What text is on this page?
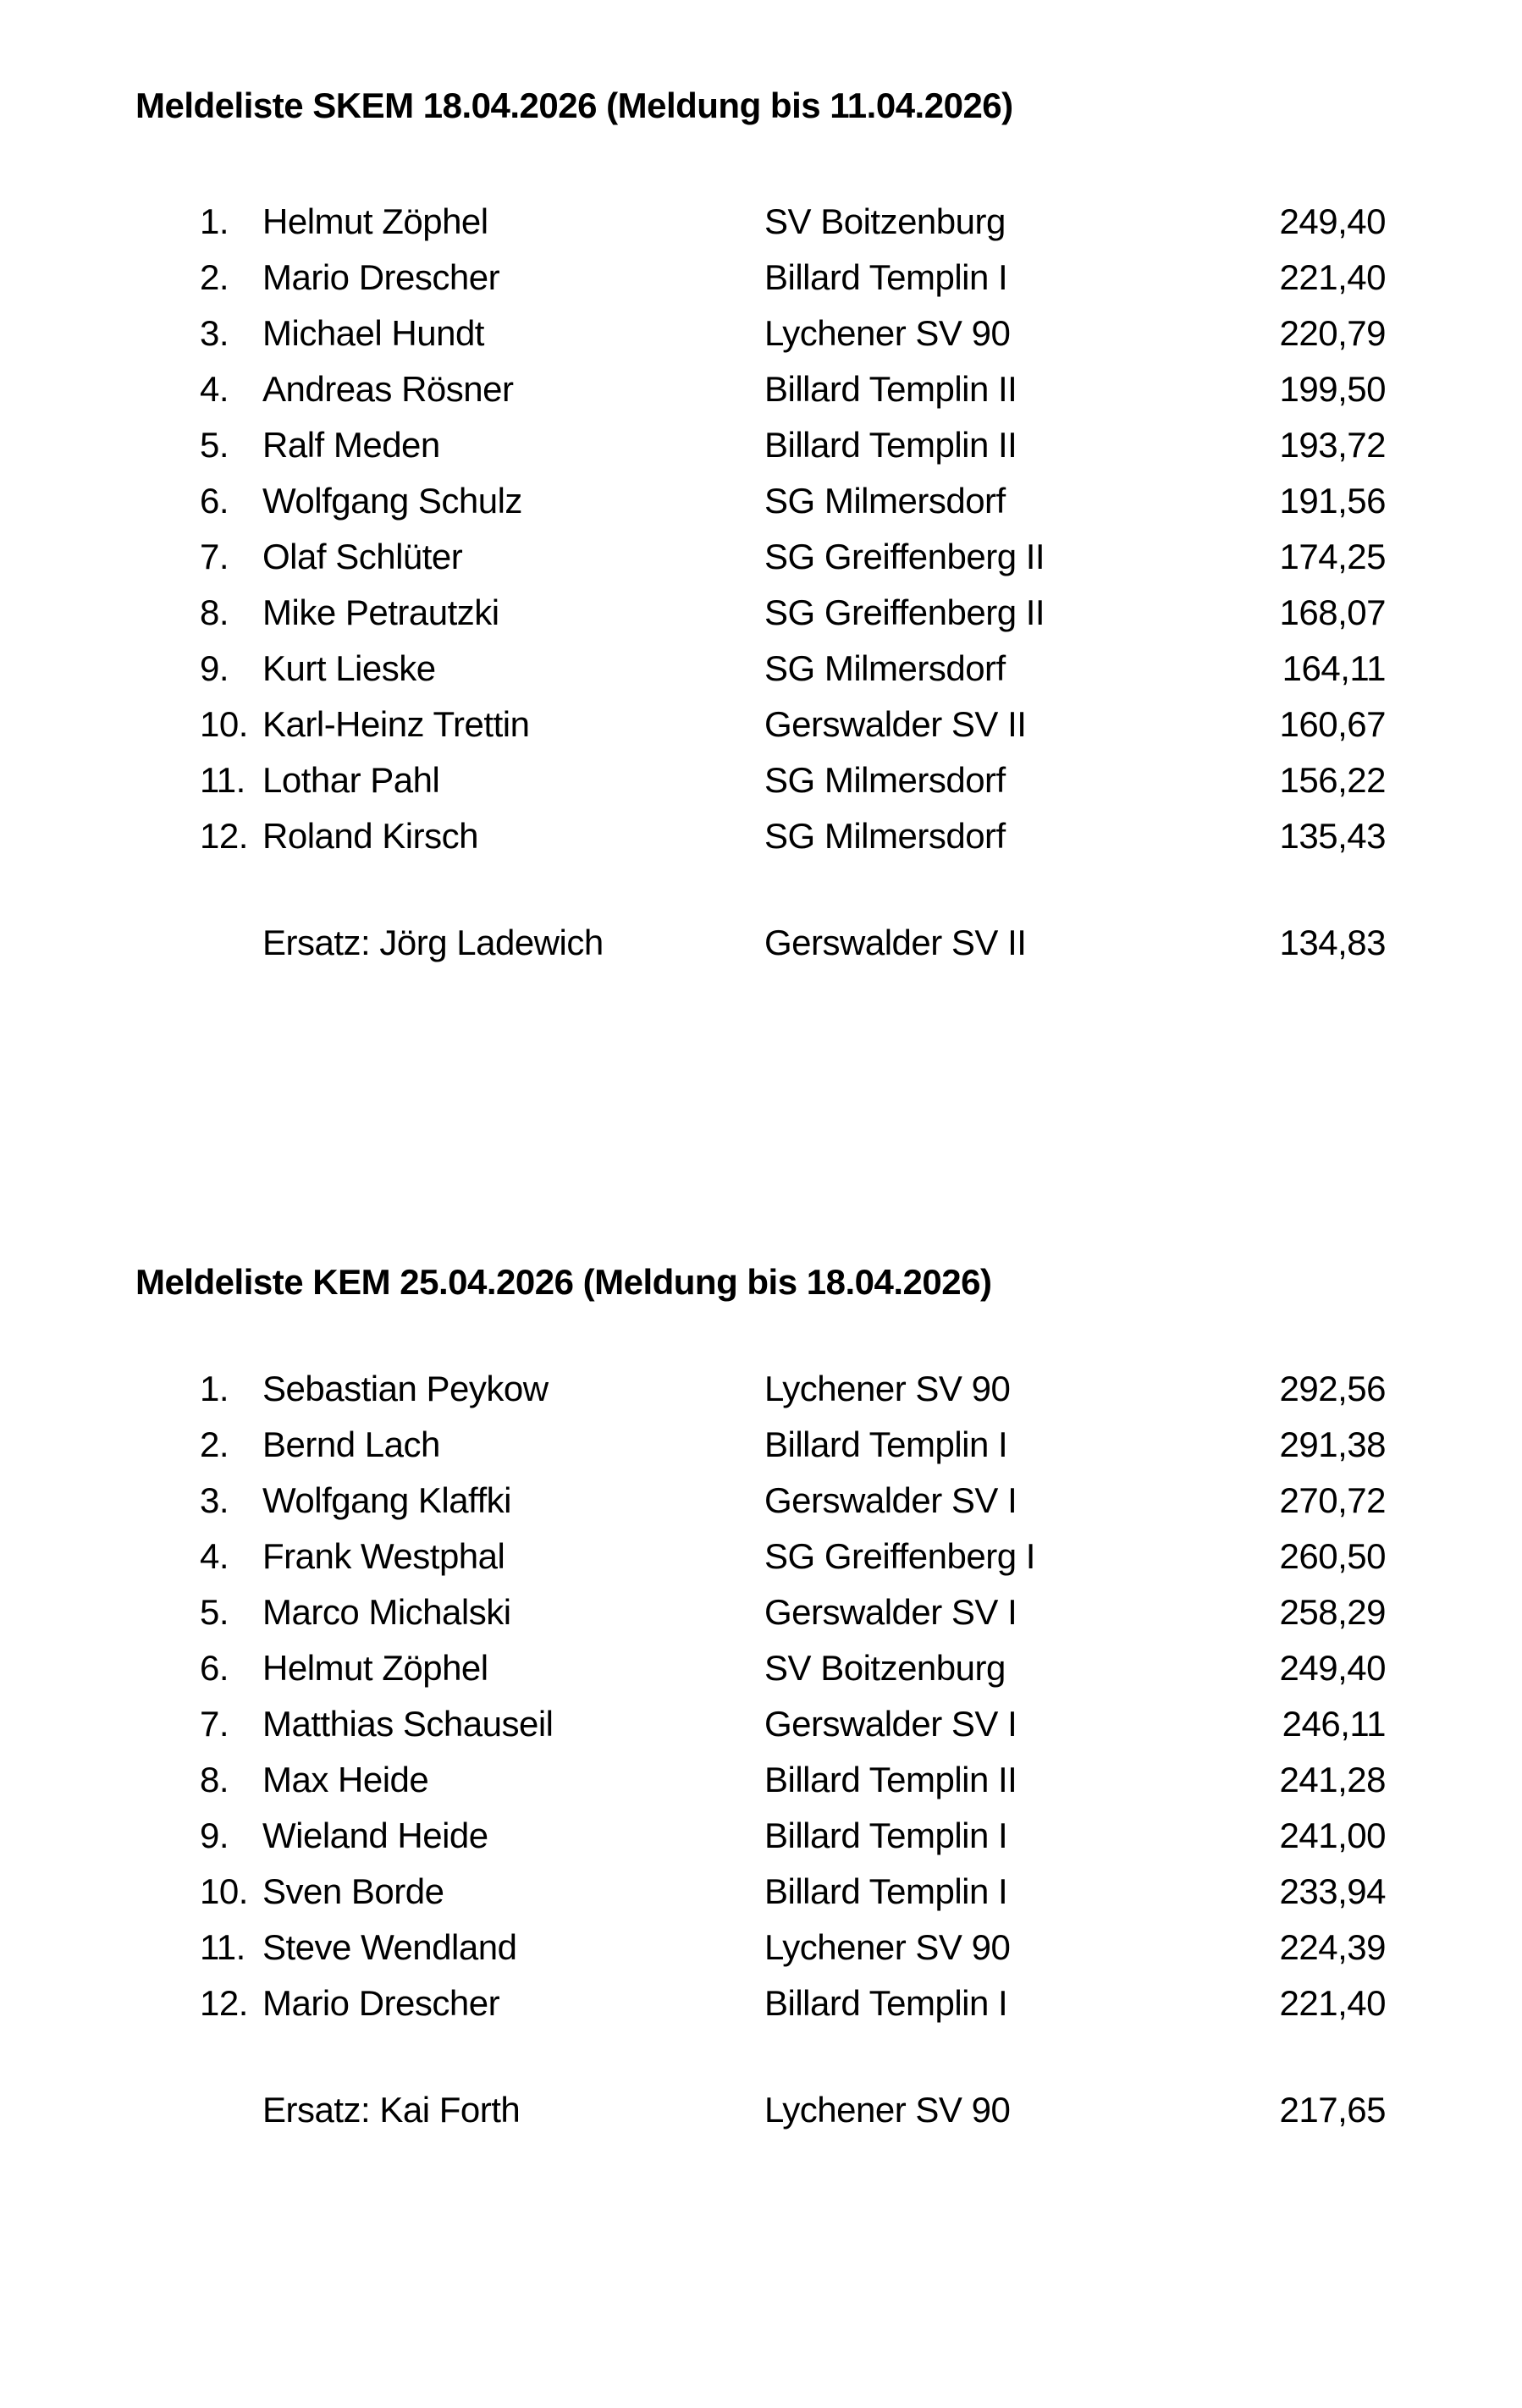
Meldeliste SKEM 18.04.2026 (Meldung bis 11.04.2026)
1. Helmut Zöphel	SV Boitzenburg	249,40
2. Mario Drescher	Billard Templin I	221,40
3. Michael Hundt	Lychener SV 90	220,79
4. Andreas Rösner	Billard Templin II	199,50
5. Ralf Meden	Billard Templin II	193,72
6. Wolfgang Schulz	SG Milmersdorf	191,56
7. Olaf Schlüter	SG Greiffenberg II	174,25
8. Mike Petrautzki	SG Greiffenberg II	168,07
9. Kurt Lieske	SG Milmersdorf	164,11
10. Karl-Heinz Trettin	Gerswalder SV II	160,67
11. Lothar Pahl	SG Milmersdorf	156,22
12. Roland Kirsch	SG Milmersdorf	135,43
Ersatz: Jörg Ladewich	Gerswalder SV II	134,83
Meldeliste KEM 25.04.2026 (Meldung bis 18.04.2026)
1. Sebastian Peykow	Lychener SV 90	292,56
2. Bernd Lach	Billard Templin I	291,38
3. Wolfgang Klaffki	Gerswalder SV I	270,72
4. Frank Westphal	SG Greiffenberg I	260,50
5. Marco Michalski	Gerswalder SV I	258,29
6. Helmut Zöphel	SV Boitzenburg	249,40
7. Matthias Schauseil	Gerswalder SV I	246,11
8. Max Heide	Billard Templin II	241,28
9. Wieland Heide	Billard Templin I	241,00
10. Sven Borde	Billard Templin I	233,94
11. Steve Wendland	Lychener SV 90	224,39
12. Mario Drescher	Billard Templin I	221,40
Ersatz: Kai Forth	Lychener SV 90	217,65
